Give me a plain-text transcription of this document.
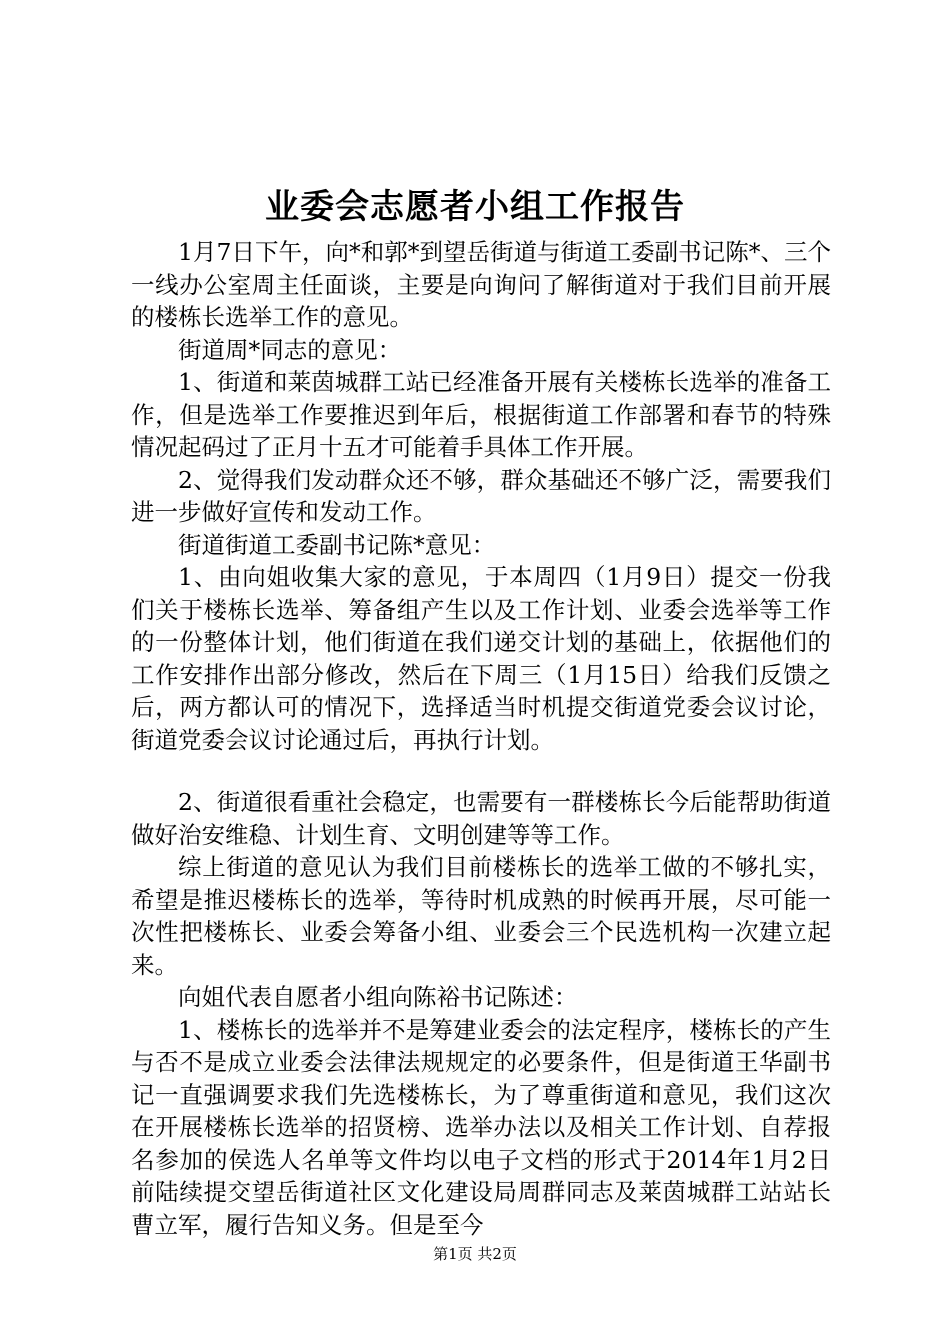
业委会志愿者小组工作报告

1月7日下午，向*和郭*到望岳街道与街道工委副书记陈*、三个一线办公室周主任面谈，主要是向询问了解街道对于我们目前开展的楼栋长选举工作的意见。

街道周*同志的意见：

1、街道和莱茵城群工站已经准备开展有关楼栋长选举的准备工作，但是选举工作要推迟到年后，根据街道工作部署和春节的特殊情况起码过了正月十五才可能着手具体工作开展。

2、觉得我们发动群众还不够，群众基础还不够广泛，需要我们进一步做好宣传和发动工作。

街道街道工委副书记陈*意见：

1、由向姐收集大家的意见，于本周四（1月9日）提交一份我们关于楼栋长选举、筹备组产生以及工作计划、业委会选举等工作的一份整体计划，他们街道在我们递交计划的基础上，依据他们的工作安排作出部分修改，然后在下周三（1月15日）给我们反馈之后，两方都认可的情况下，选择适当时机提交街道党委会议讨论，街道党委会议讨论通过后，再执行计划。

2、街道很看重社会稳定，也需要有一群楼栋长今后能帮助街道做好治安维稳、计划生育、文明创建等等工作。

综上街道的意见认为我们目前楼栋长的选举工做的不够扎实，希望是推迟楼栋长的选举，等待时机成熟的时候再开展，尽可能一次性把楼栋长、业委会筹备小组、业委会三个民选机构一次建立起来。

向姐代表自愿者小组向陈裕书记陈述：

1、楼栋长的选举并不是筹建业委会的法定程序，楼栋长的产生与否不是成立业委会法律法规规定的必要条件，但是街道王华副书记一直强调要求我们先选楼栋长，为了尊重街道和意见，我们这次在开展楼栋长选举的招贤榜、选举办法以及相关工作计划、自荐报名参加的侯选人名单等文件均以电子文档的形式于2014年1月2日前陆续提交望岳街道社区文化建设局周群同志及莱茵城群工站站长曹立军，履行告知义务。但是至今

第1页 共2页
